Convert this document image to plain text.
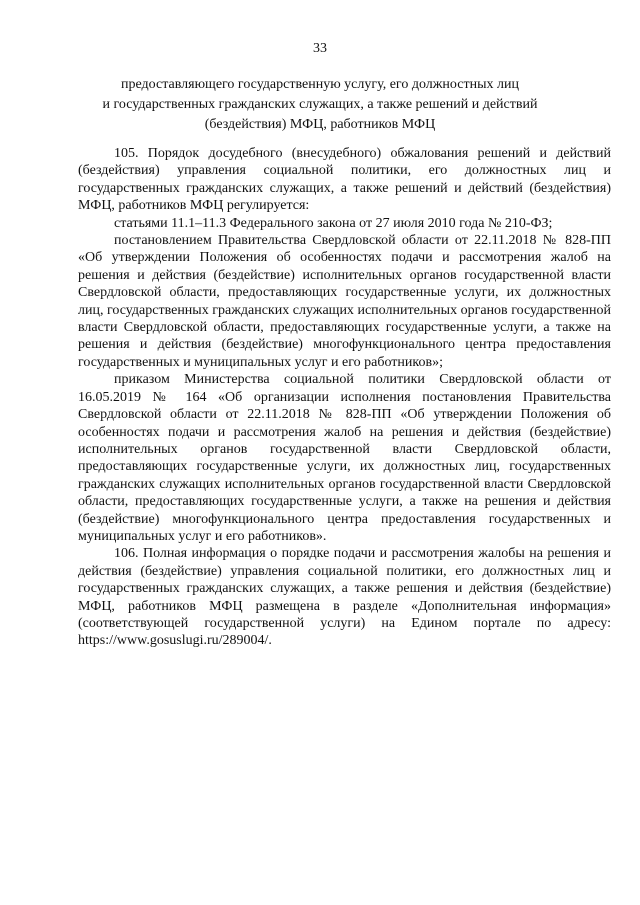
33
предоставляющего государственную услугу, его должностных лиц
и государственных гражданских служащих, а также решений и действий
(бездействия) МФЦ, работников МФЦ

105. Порядок досудебного (внесудебного) обжалования решений и действий (бездействия) управления социальной политики, его должностных лиц и государственных гражданских служащих, а также решений и действий (бездействия) МФЦ, работников МФЦ регулируется:

статьями 11.1–11.3 Федерального закона от 27 июля 2010 года № 210-ФЗ;

постановлением Правительства Свердловской области от 22.11.2018 № 828-ПП «Об утверждении Положения об особенностях подачи и рассмотрения жалоб на решения и действия (бездействие) исполнительных органов государственной власти Свердловской области, предоставляющих государственные услуги, их должностных лиц, государственных гражданских служащих исполнительных органов государственной власти Свердловской области, предоставляющих государственные услуги, а также на решения и действия (бездействие) многофункционального центра предоставления государственных и муниципальных услуг и его работников»;

приказом Министерства социальной политики Свердловской области от 16.05.2019 № 164 «Об организации исполнения постановления Правительства Свердловской области от 22.11.2018 № 828-ПП «Об утверждении Положения об особенностях подачи и рассмотрения жалоб на решения и действия (бездействие) исполнительных органов государственной власти Свердловской области, предоставляющих государственные услуги, их должностных лиц, государственных гражданских служащих исполнительных органов государственной власти Свердловской области, предоставляющих государственные услуги, а также на решения и действия (бездействие) многофункционального центра предоставления государственных и муниципальных услуг и его работников».

106. Полная информация о порядке подачи и рассмотрения жалобы на решения и действия (бездействие) управления социальной политики, его должностных лиц и государственных гражданских служащих, а также решения и действия (бездействие) МФЦ, работников МФЦ размещена в разделе «Дополнительная информация» (соответствующей государственной услуги) на Едином портале по адресу: https://www.gosuslugi.ru/289004/.
